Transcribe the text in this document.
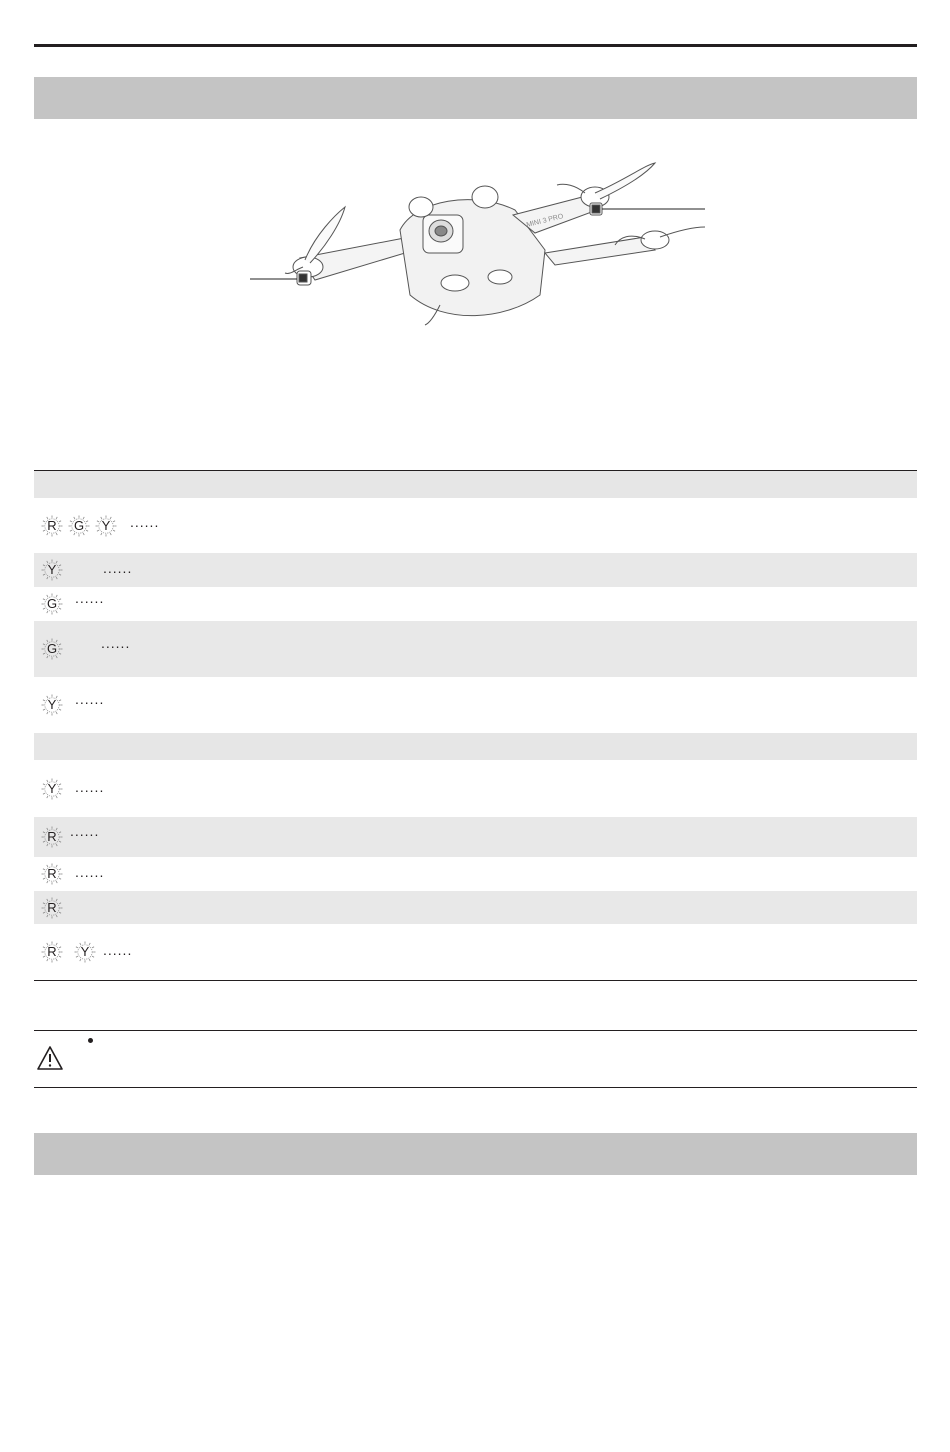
MINI 3 PRO
R	G	Y	......
Y	......
G	......
G	......
Y	......
Y	......
R ......
R	......
R
R	Y ......
